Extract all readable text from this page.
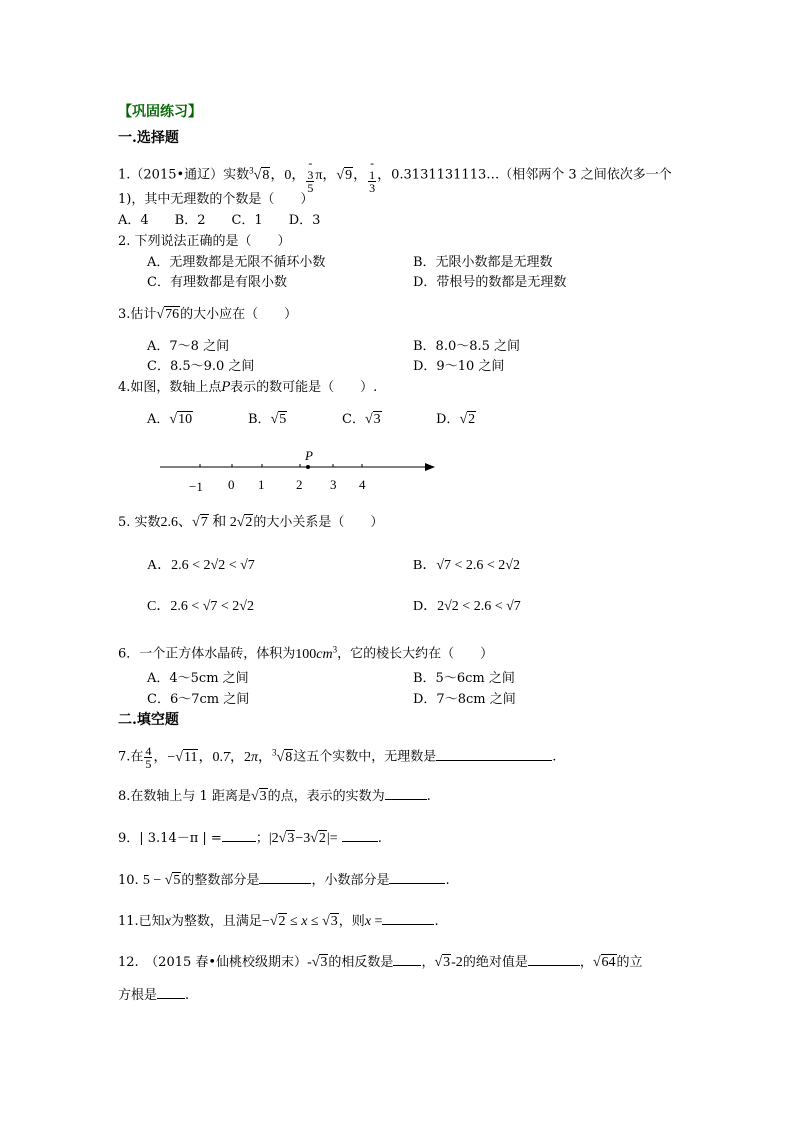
【巩固练习】
一.选择题
1.（2015•通辽）实数$^3$√8，0，-
3
5
π，√9，-
1
3
，0.3131131113…（相邻两个 3 之间依次多一个
1)，其中无理数的个数是（　　）
A．4　　B．2　　C．1　　D．3
2. 下列说法正确的是（　　）
A．无理数都是无限不循环小数	B．无限小数都是无理数
C．有理数都是有限小数	D．带根号的数都是无理数
3.估计√76的大小应在（　　）
A．7～8 之间	B．8.0～8.5 之间
C．8.5～9.0 之间	D．9～10 之间
4.如图，数轴上点P表示的数可能是（　　）.
A．√10	B．√5	C．√3	D．√2
P
−1 0 1 2 3 4
5. 实数2.6、√7 和 2√2的大小关系是（　　）
A．2.6 < 2√2 < √7	B．√7 < 2.6 < 2√2
C．2.6 < √7 < 2√2	D．2√2 < 2.6 < √7
6．一个正方体水晶砖，体积为$100cm^3$，它的棱长大约在（　　）
A．4～5cm 之间	B．5～6cm 之间
C．6～7cm 之间	D．7～8cm 之间
二.填空题
7.在 $\frac{4}{5}$ ，−√11，0.7̇，2π，$^3$√8这五个实数中，无理数是	.
8.在数轴上与 1 距离是√3的点，表示的实数为	.
9．| 3.14－π | =	；|2√3−3√2|=	.
10. 5 − √5的整数部分是	，小数部分是	.
11.已知x为整数，且满足−√2 ≤ x ≤ √3，则x =	.
12.　（2015 春•仙桃校级期末）-√3的相反数是 ，√3-2的绝对值是	，√64的立
方根是 .
